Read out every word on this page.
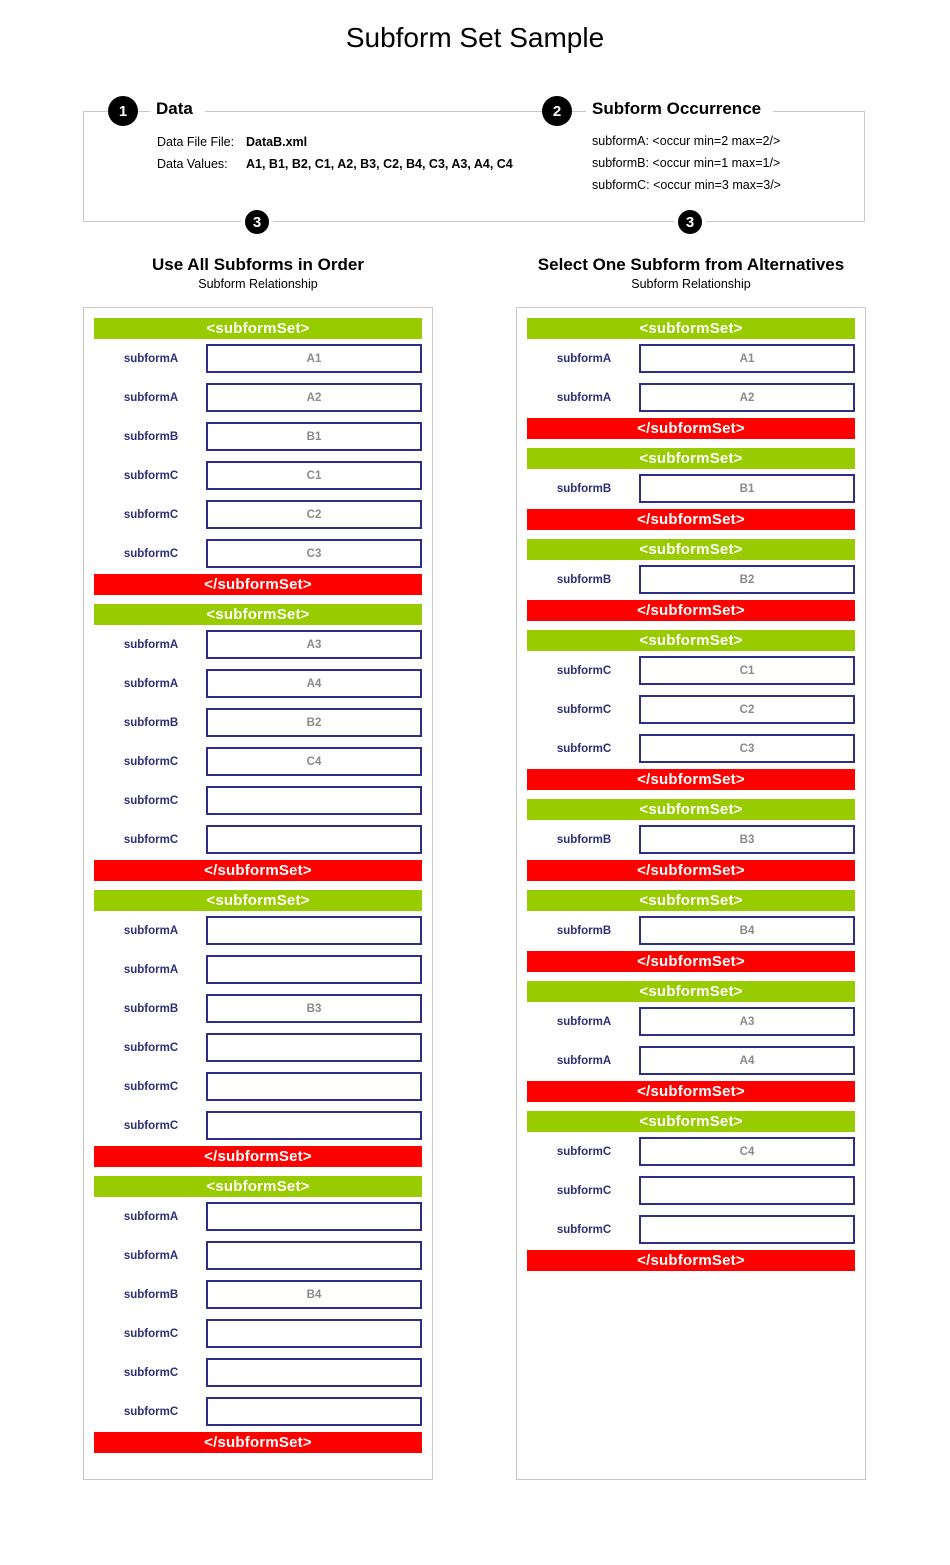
Subform Set Sample
1	Data
Data File File: DataB.xml
Data Values: A1, B1, B2, C1, A2, B3, C2, B4, C3, A3, A4, C4
2	Subform Occurrence
subformA: <occur min=2 max=2/>
subformB: <occur min=1 max=1/>
subformC: <occur min=3 max=3/>
3	3
Use All Subforms in Order
Subform Relationship
Select One Subform from Alternatives
Subform Relationship
<subformSet>
subformA	A1
subformA	A2
subformB	B1
subformC	C1
subformC	C2
subformC	C3
</subformSet>
<subformSet>
subformA	A3
subformA	A4
subformB	B2
subformC	C4
subformC
subformC
</subformSet>
<subformSet>
subformA
subformA
subformB	B3
subformC
subformC
subformC
</subformSet>
<subformSet>
subformA
subformA
subformB	B4
subformC
subformC
subformC
</subformSet>
<subformSet>
subformA	A1
subformA	A2
</subformSet>
<subformSet>
subformB	B1
</subformSet>
<subformSet>
subformB	B2
</subformSet>
<subformSet>
subformC	C1
subformC	C2
subformC	C3
</subformSet>
<subformSet>
subformB	B3
</subformSet>
<subformSet>
subformB	B4
</subformSet>
<subformSet>
subformA	A3
subformA	A4
</subformSet>
<subformSet>
subformC	C4
subformC
subformC
</subformSet>
